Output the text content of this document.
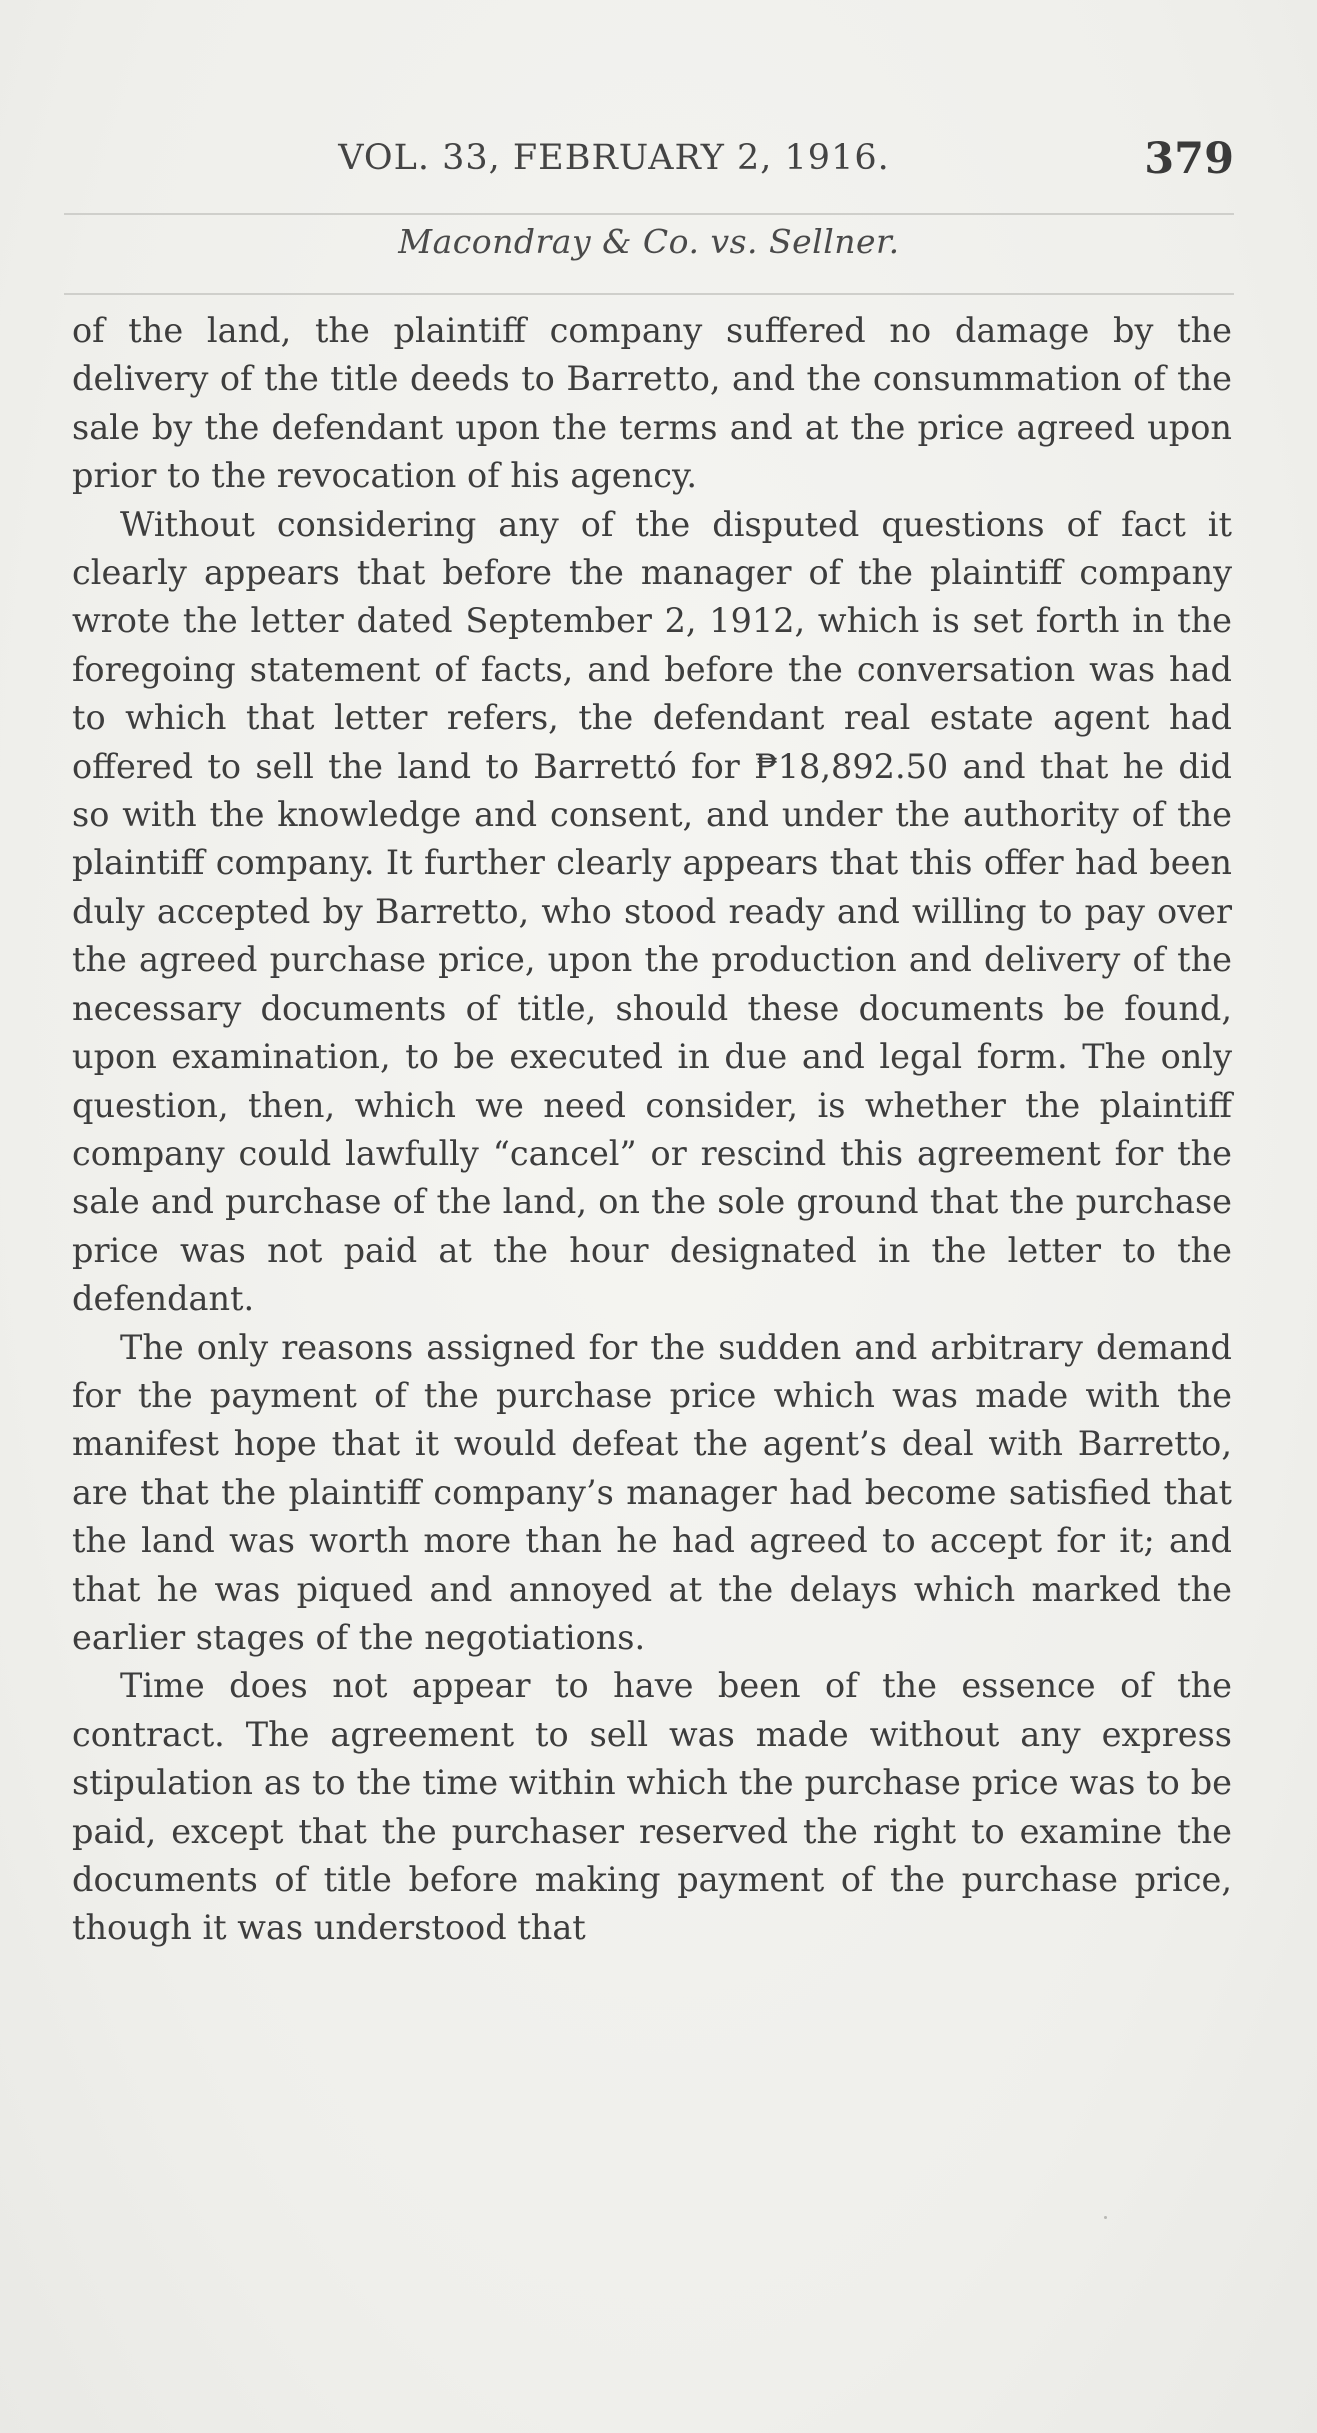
VOL. 33, FEBRUARY 2, 1916.	379
Macondray & Co. vs. Sellner.

of the land, the plaintiff company suffered no damage by the delivery of the title deeds to Barretto, and the consummation of the sale by the defendant upon the terms and at the price agreed upon prior to the revocation of his agency.

Without considering any of the disputed questions of fact it clearly appears that before the manager of the plaintiff company wrote the letter dated September 2, 1912, which is set forth in the foregoing statement of facts, and before the conversation was had to which that letter refers, the defendant real estate agent had offered to sell the land to Barrettó for ₱18,892.50 and that he did so with the knowledge and consent, and under the authority of the plaintiff company. It further clearly appears that this offer had been duly accepted by Barretto, who stood ready and willing to pay over the agreed purchase price, upon the production and delivery of the necessary documents of title, should these documents be found, upon examination, to be executed in due and legal form. The only question, then, which we need consider, is whether the plaintiff company could lawfully “cancel” or rescind this agreement for the sale and purchase of the land, on the sole ground that the purchase price was not paid at the hour designated in the letter to the defendant.

The only reasons assigned for the sudden and arbitrary demand for the payment of the purchase price which was made with the manifest hope that it would defeat the agent’s deal with Barretto, are that the plaintiff company’s manager had become satisfied that the land was worth more than he had agreed to accept for it; and that he was piqued and annoyed at the delays which marked the earlier stages of the negotiations.

Time does not appear to have been of the essence of the contract. The agreement to sell was made without any express stipulation as to the time within which the purchase price was to be paid, except that the purchaser reserved the right to examine the documents of title before making payment of the purchase price, though it was understood that
